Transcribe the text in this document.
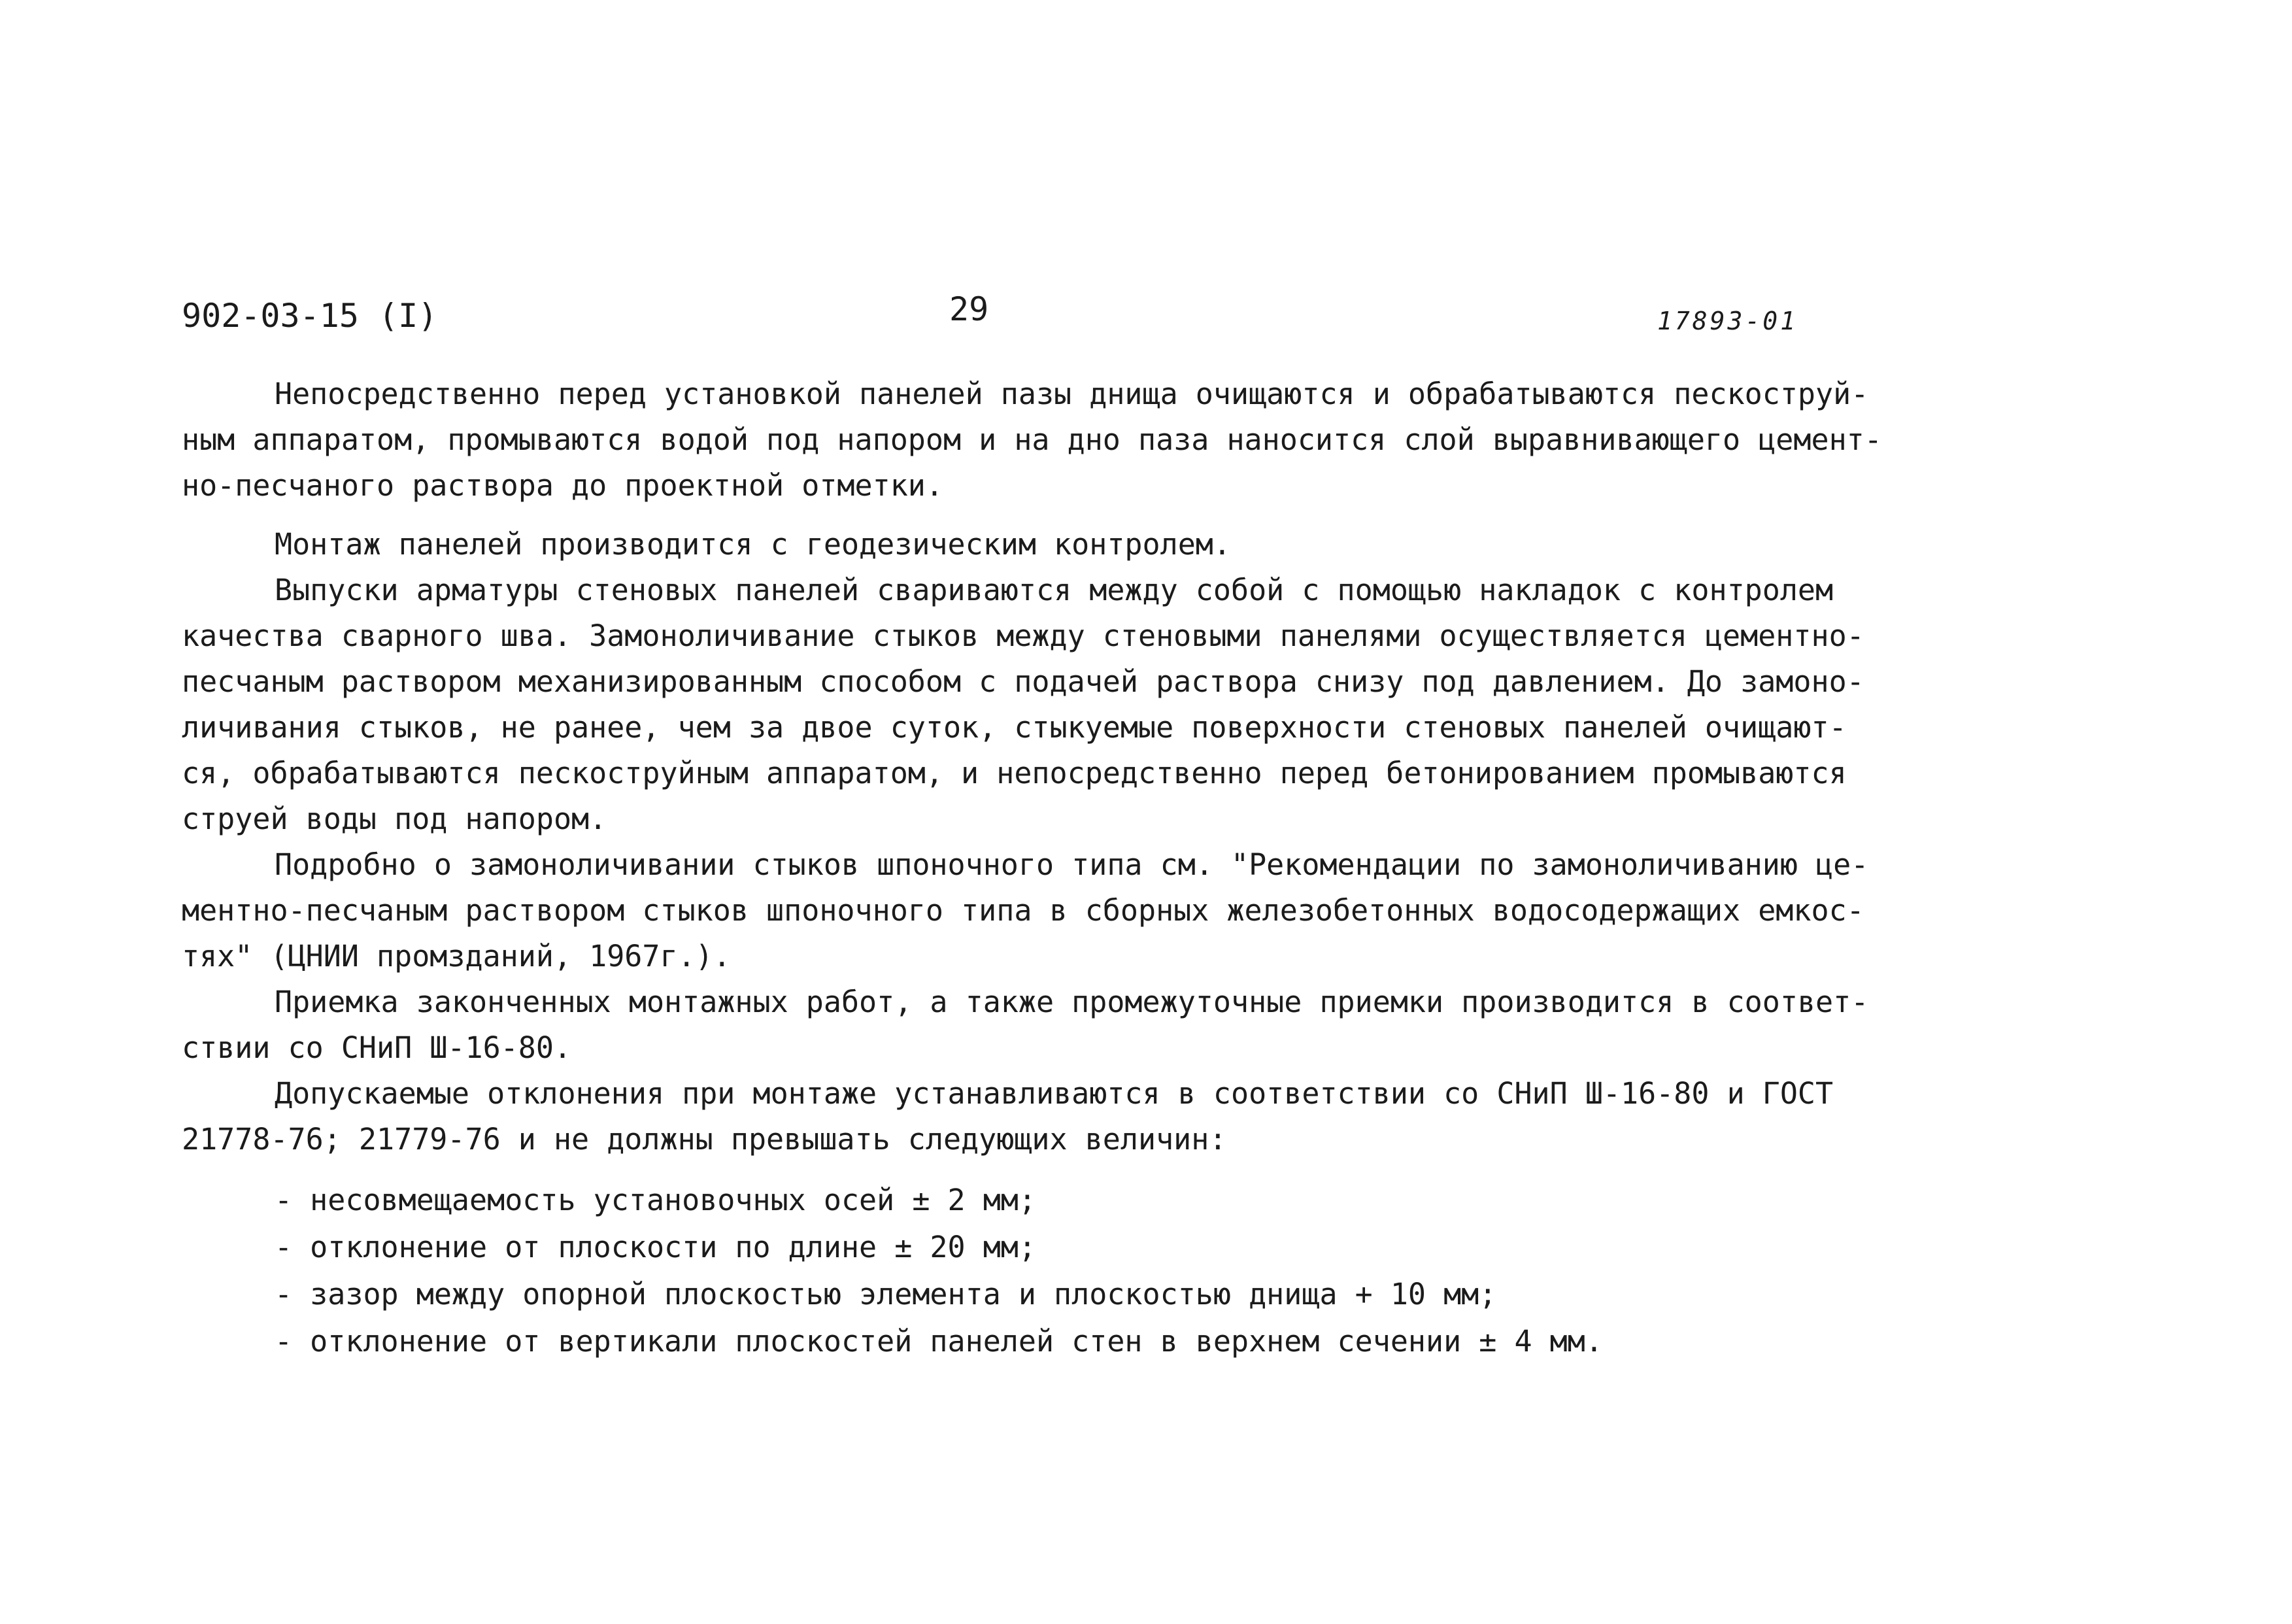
902-03-15 (I)	29	17893-01

Непосредственно перед установкой панелей пазы днища очищаются и обрабатываются пескоструй-
ным аппаратом, промываются водой под напором и на дно паза наносится слой выравнивающего цемент-
но-песчаного раствора до проектной отметки.

Монтаж панелей производится с геодезическим контролем.

Выпуски арматуры стеновых панелей свариваются между собой с помощью накладок с контролем
качества сварного шва. Замоноличивание стыков между стеновыми панелями осуществляется цементно-
песчаным раствором механизированным способом с подачей раствора снизу под давлением. До замоно-
личивания стыков, не ранее, чем за двое суток, стыкуемые поверхности стеновых панелей очищают-
ся, обрабатываются пескоструйным аппаратом, и непосредственно перед бетонированием промываются
струей воды под напором.

Подробно о замоноличивании стыков шпоночного типа см. "Рекомендации по замоноличиванию це-
ментно-песчаным раствором стыков шпоночного типа в сборных железобетонных водосодержащих емкос-
тях" (ЦНИИ промзданий, 1967г.).

Приемка законченных монтажных работ, а также промежуточные приемки производится в соответ-
ствии со СНиП Ш-16-80.

Допускаемые отклонения при монтаже устанавливаются в соответствии со СНиП Ш-16-80 и ГОСТ
21778-76; 21779-76 и не должны превышать следующих величин:

- несовмещаемость установочных осей ± 2 мм;
- отклонение от плоскости по длине ± 20 мм;
- зазор между опорной плоскостью элемента и плоскостью днища + 10 мм;
- отклонение от вертикали плоскостей панелей стен в верхнем сечении ± 4 мм.
